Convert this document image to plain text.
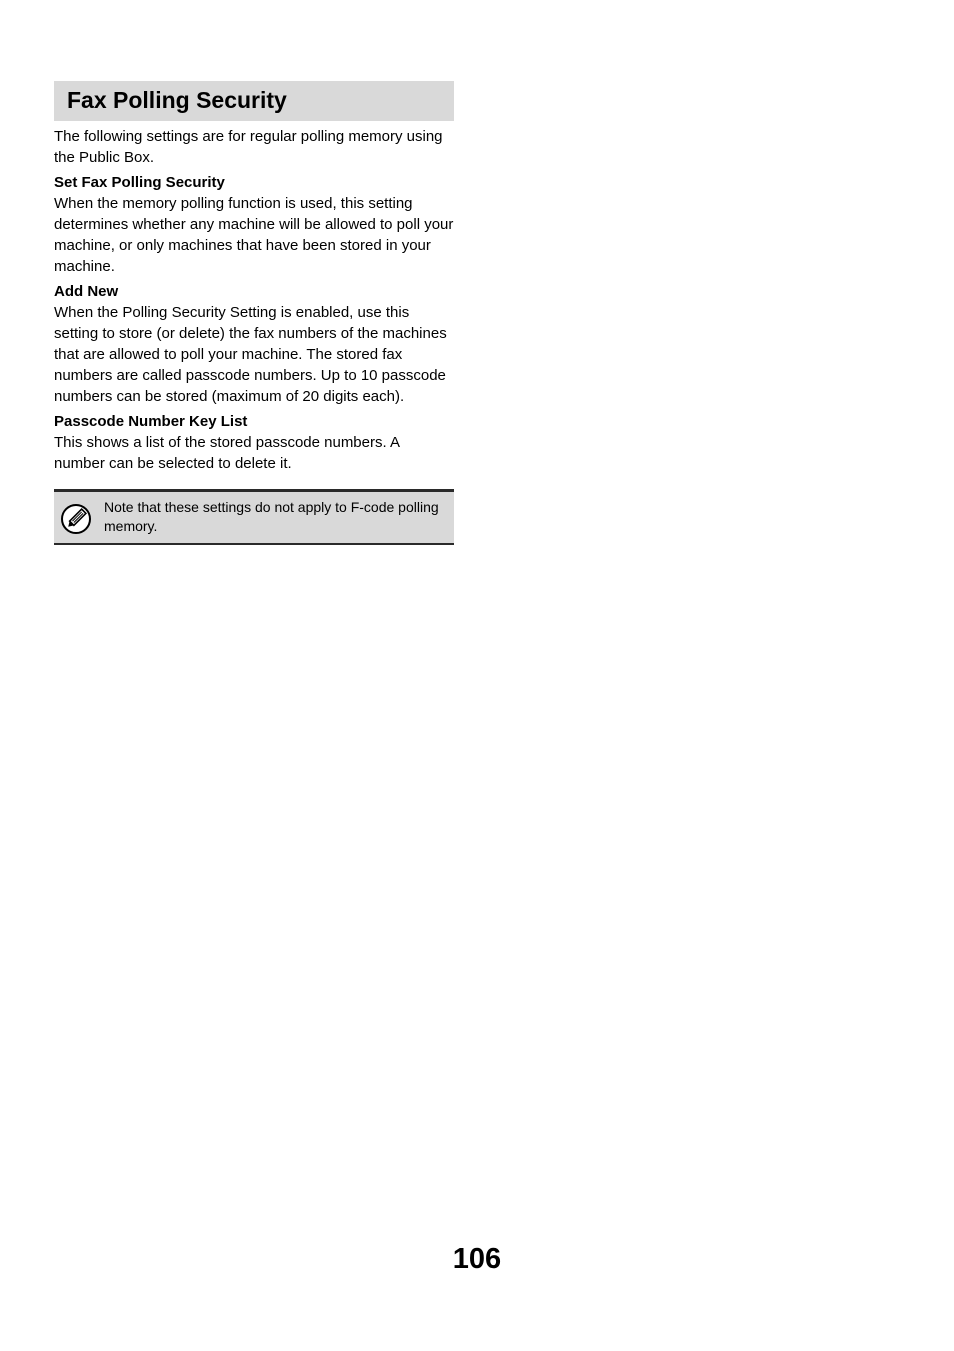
Fax Polling Security

The following settings are for regular polling memory using the Public Box.

Set Fax Polling Security

When the memory polling function is used, this setting determines whether any machine will be allowed to poll your machine, or only machines that have been stored in your machine.

Add New

When the Polling Security Setting is enabled, use this setting to store (or delete) the fax numbers of the machines that are allowed to poll your machine. The stored fax numbers are called passcode numbers. Up to 10 passcode numbers can be stored (maximum of 20 digits each).

Passcode Number Key List

This shows a list of the stored passcode numbers. A number can be selected to delete it.

Note that these settings do not apply to F-code polling memory.

106
